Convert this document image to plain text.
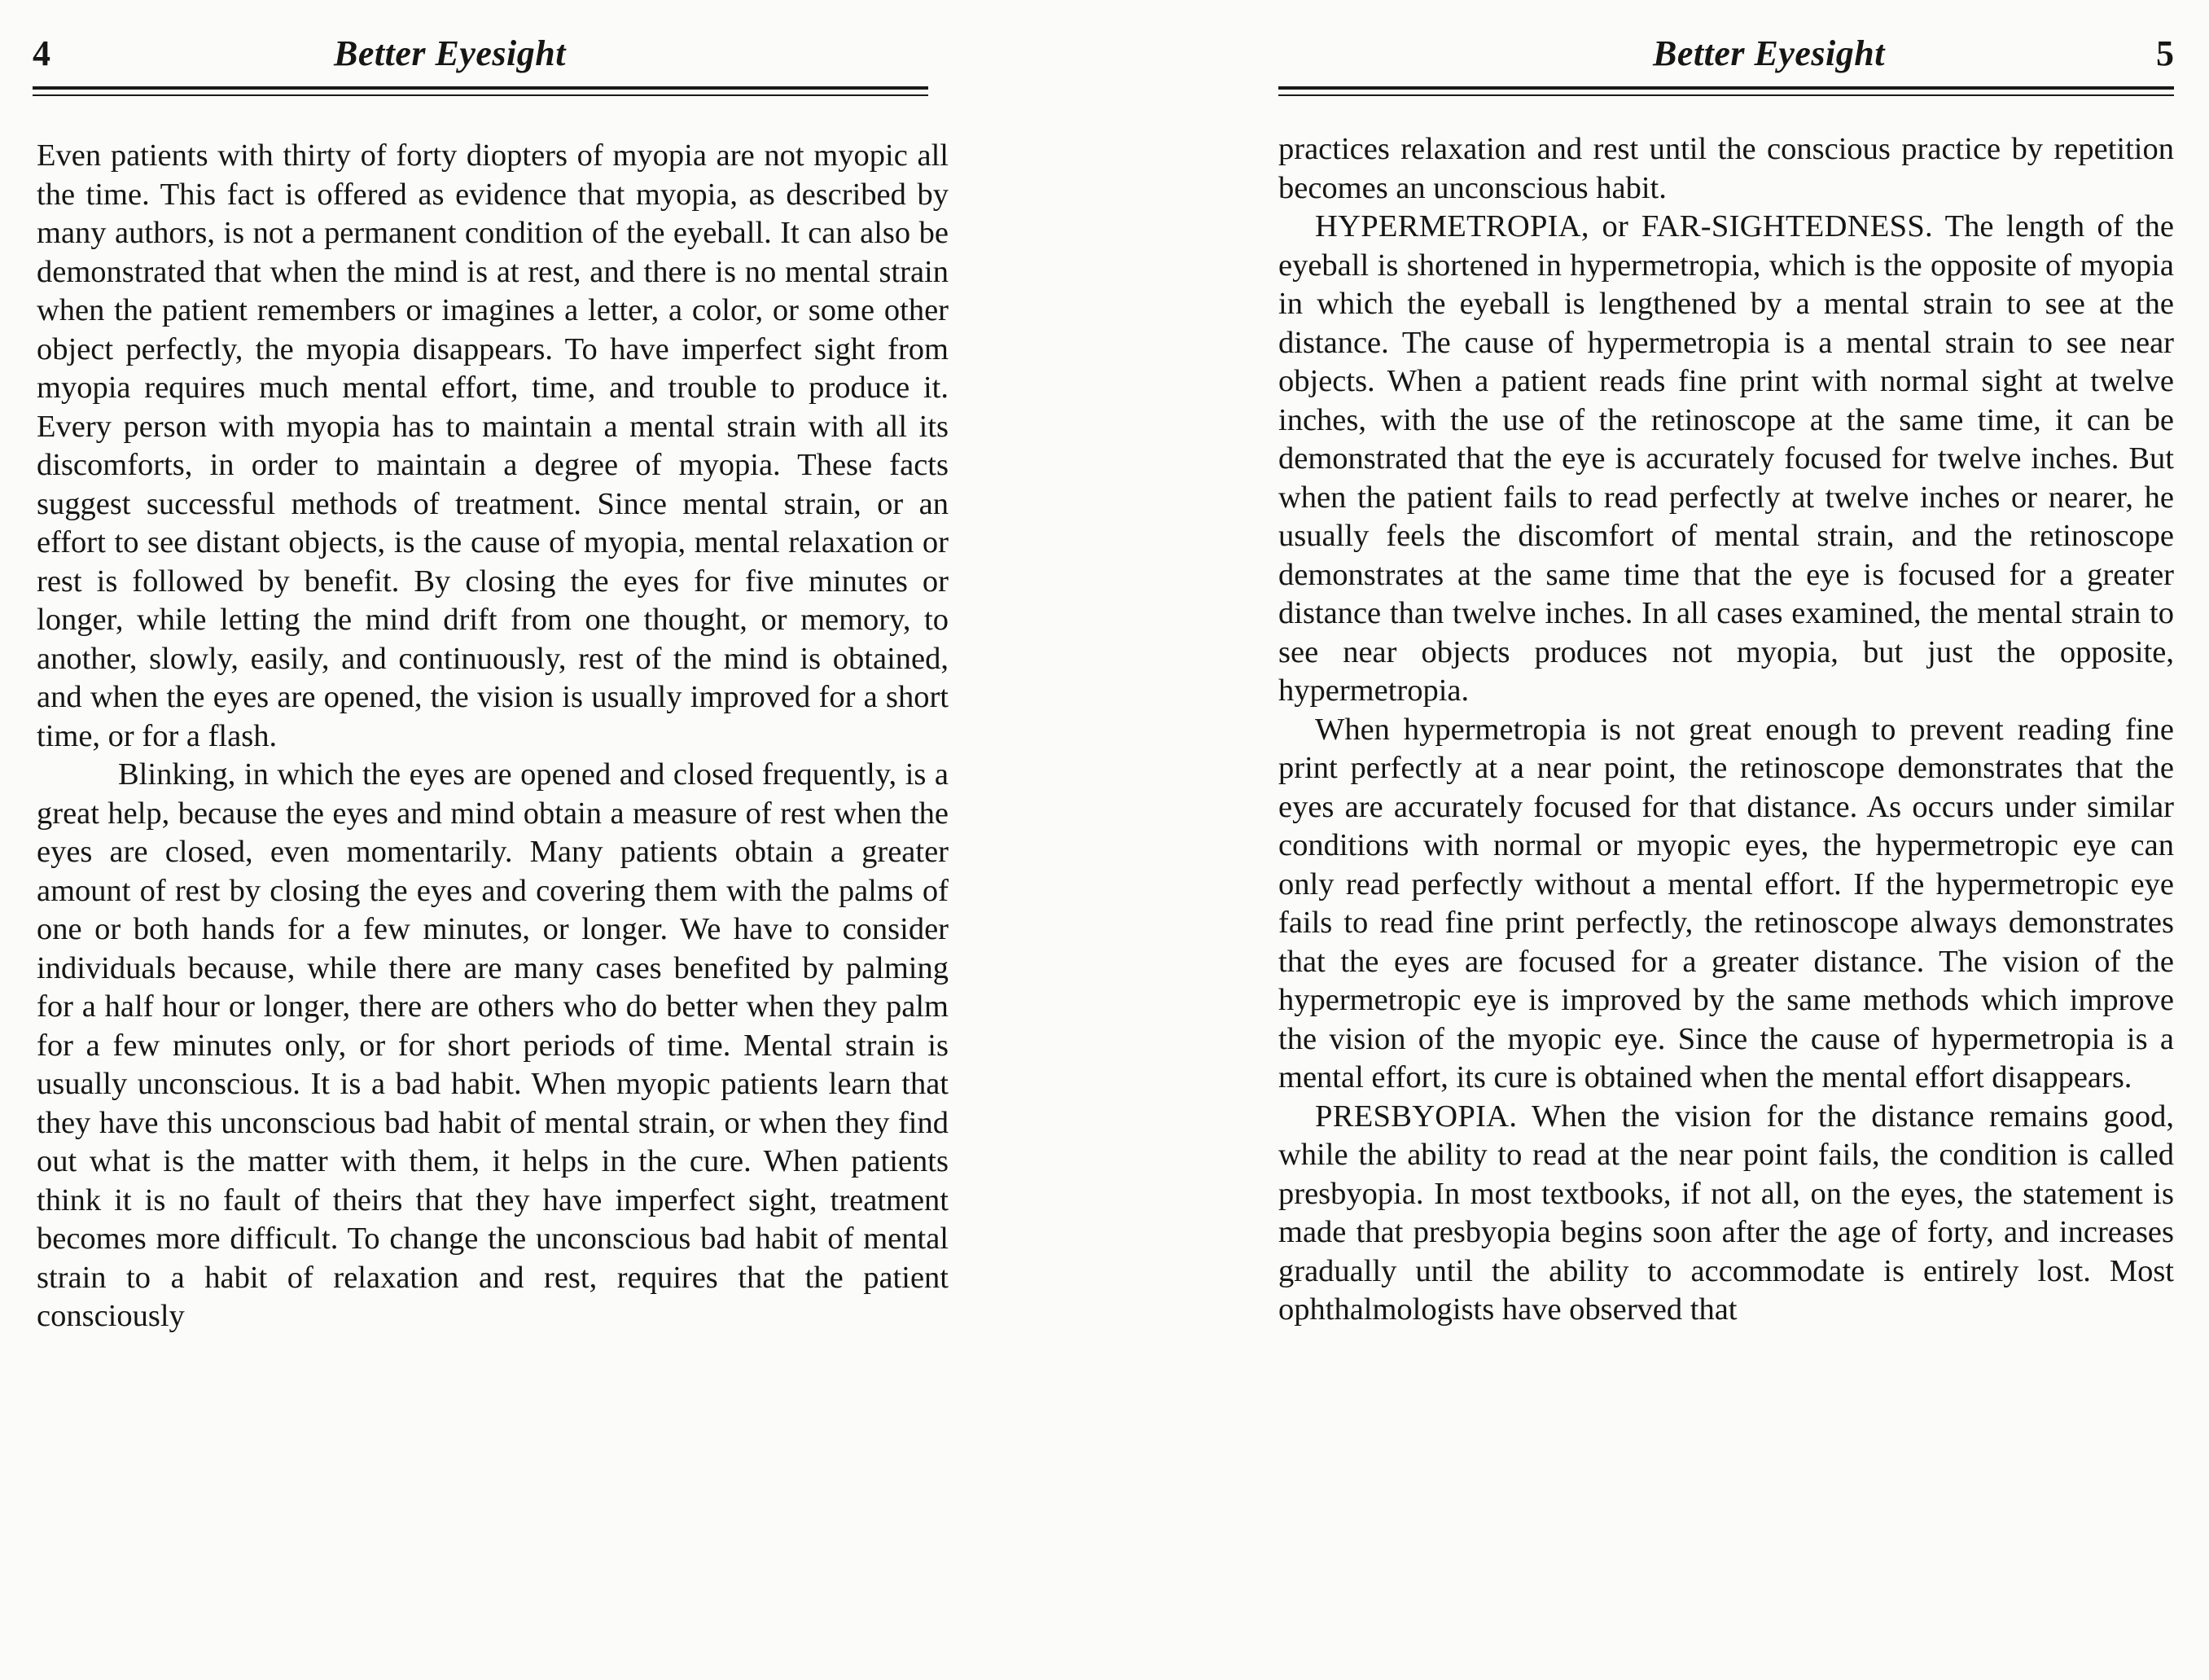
4	Better Eyesight

Even patients with thirty of forty diopters of myopia are not myopic all the time. This fact is offered as evidence that myopia, as described by many authors, is not a permanent condition of the eyeball. It can also be demonstrated that when the mind is at rest, and there is no mental strain when the patient remembers or imagines a letter, a color, or some other object perfectly, the myopia disappears. To have imperfect sight from myopia requires much mental effort, time, and trouble to produce it. Every person with myopia has to maintain a mental strain with all its discomforts, in order to maintain a degree of myopia. These facts suggest successful methods of treatment. Since mental strain, or an effort to see distant objects, is the cause of myopia, mental relaxation or rest is followed by benefit. By closing the eyes for five minutes or longer, while letting the mind drift from one thought, or memory, to another, slowly, easily, and continuously, rest of the mind is obtained, and when the eyes are opened, the vision is usually improved for a short time, or for a flash.

Blinking, in which the eyes are opened and closed frequently, is a great help, because the eyes and mind obtain a measure of rest when the eyes are closed, even momentarily. Many patients obtain a greater amount of rest by closing the eyes and covering them with the palms of one or both hands for a few minutes, or longer. We have to consider individuals because, while there are many cases benefited by palming for a half hour or longer, there are others who do better when they palm for a few minutes only, or for short periods of time. Mental strain is usually unconscious. It is a bad habit. When myopic patients learn that they have this unconscious bad habit of mental strain, or when they find out what is the matter with them, it helps in the cure. When patients think it is no fault of theirs that they have imperfect sight, treatment becomes more difficult. To change the unconscious bad habit of mental strain to a habit of relaxation and rest, requires that the patient consciously

Better Eyesight	5

practices relaxation and rest until the conscious practice by repetition becomes an unconscious habit.

HYPERMETROPIA, or FAR-SIGHTEDNESS. The length of the eyeball is shortened in hypermetropia, which is the opposite of myopia in which the eyeball is lengthened by a mental strain to see at the distance. The cause of hypermetropia is a mental strain to see near objects. When a patient reads fine print with normal sight at twelve inches, with the use of the retinoscope at the same time, it can be demonstrated that the eye is accurately focused for twelve inches. But when the patient fails to read perfectly at twelve inches or nearer, he usually feels the discomfort of mental strain, and the retinoscope demonstrates at the same time that the eye is focused for a greater distance than twelve inches. In all cases examined, the mental strain to see near objects produces not myopia, but just the opposite, hypermetropia.

When hypermetropia is not great enough to prevent reading fine print perfectly at a near point, the retinoscope demonstrates that the eyes are accurately focused for that distance. As occurs under similar conditions with normal or myopic eyes, the hypermetropic eye can only read perfectly without a mental effort. If the hypermetropic eye fails to read fine print perfectly, the retinoscope always demonstrates that the eyes are focused for a greater distance. The vision of the hypermetropic eye is improved by the same methods which improve the vision of the myopic eye. Since the cause of hypermetropia is a mental effort, its cure is obtained when the mental effort disappears.

PRESBYOPIA. When the vision for the distance remains good, while the ability to read at the near point fails, the condition is called presbyopia. In most textbooks, if not all, on the eyes, the statement is made that presbyopia begins soon after the age of forty, and increases gradually until the ability to accommodate is entirely lost. Most ophthalmologists have observed that
